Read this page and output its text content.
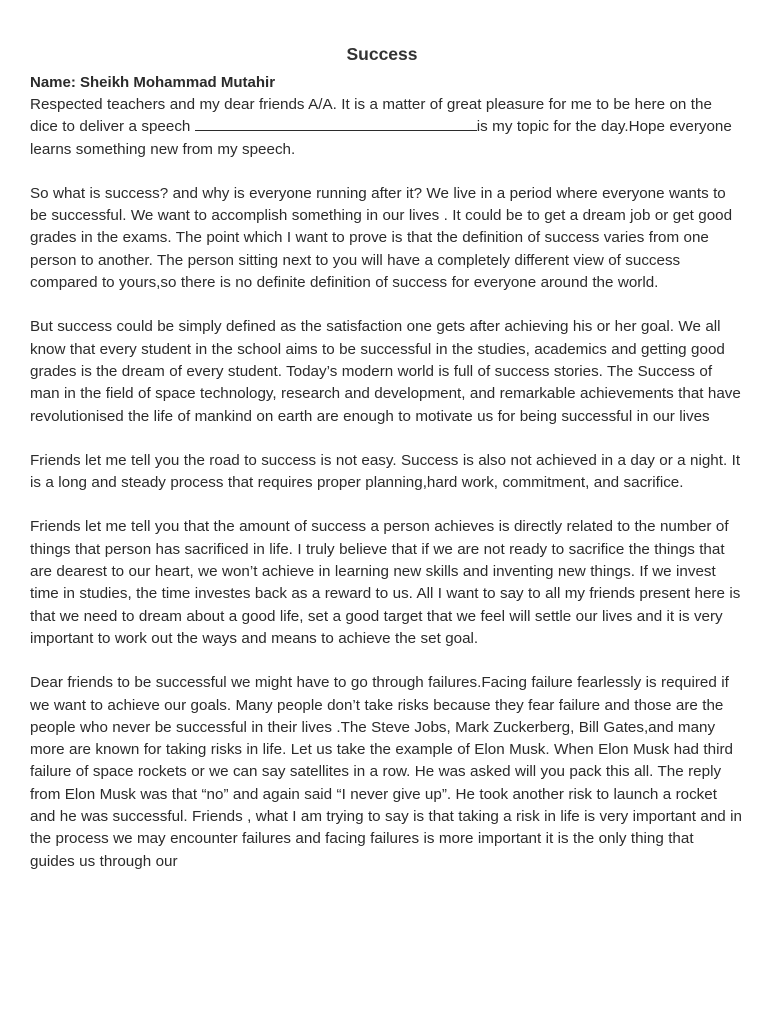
Success

Name: Sheikh Mohammad Mutahir

Respected teachers and my dear friends A/A. It is a matter of great pleasure for me to be here on the dice to deliver a speech	is my topic for the day.Hope everyone learns something new from my speech.

So what is success? and why is everyone running after it? We live in a period where everyone wants to be successful. We want to accomplish something in our lives . It could be to get a dream job or get good grades in the exams. The point which I want to prove is that the definition of success varies from one person to another. The person sitting next to you will have a completely different view of success compared to yours,so there is no definite definition of success for everyone around the world.

But success could be simply defined as the satisfaction one gets after achieving his or her goal. We all know that every student in the school aims to be successful in the studies, academics and getting good grades is the dream of every student. Today’s modern world is full of success stories. The Success of man in the field of space technology, research and development, and remarkable achievements that have revolutionised the life of mankind on earth are enough to motivate us for being successful in our lives

Friends let me tell you the road to success is not easy. Success is also not achieved in a day or a night. It is a long and steady process that requires proper planning,hard work, commitment, and sacrifice.

Friends let me tell you that the amount of success a person achieves is directly related to the number of things that person has sacrificed in life. I truly believe that if we are not ready to sacrifice the things that are dearest to our heart, we won’t achieve in learning new skills and inventing new things. If we invest time in studies, the time investes back as a reward to us. All I want to say to all my friends present here is that we need to dream about a good life, set a good target that we feel will settle our lives and it is very important to work out the ways and means to achieve the set goal.

Dear friends to be successful we might have to go through failures.Facing failure fearlessly is required if we want to achieve our goals. Many people don’t take risks because they fear failure and those are the people who never be successful in their lives .The Steve Jobs, Mark Zuckerberg, Bill Gates,and many more are known for taking risks in life. Let us take the example of Elon Musk. When Elon Musk had third failure of space rockets or we can say satellites in a row. He was asked will you pack this all. The reply from Elon Musk was that “no” and again said “I never give up”. He took another risk to launch a rocket and he was successful. Friends , what I am trying to say is that taking a risk in life is very important and in the process we may encounter failures and facing failures is more important it is the only thing that guides us through our
